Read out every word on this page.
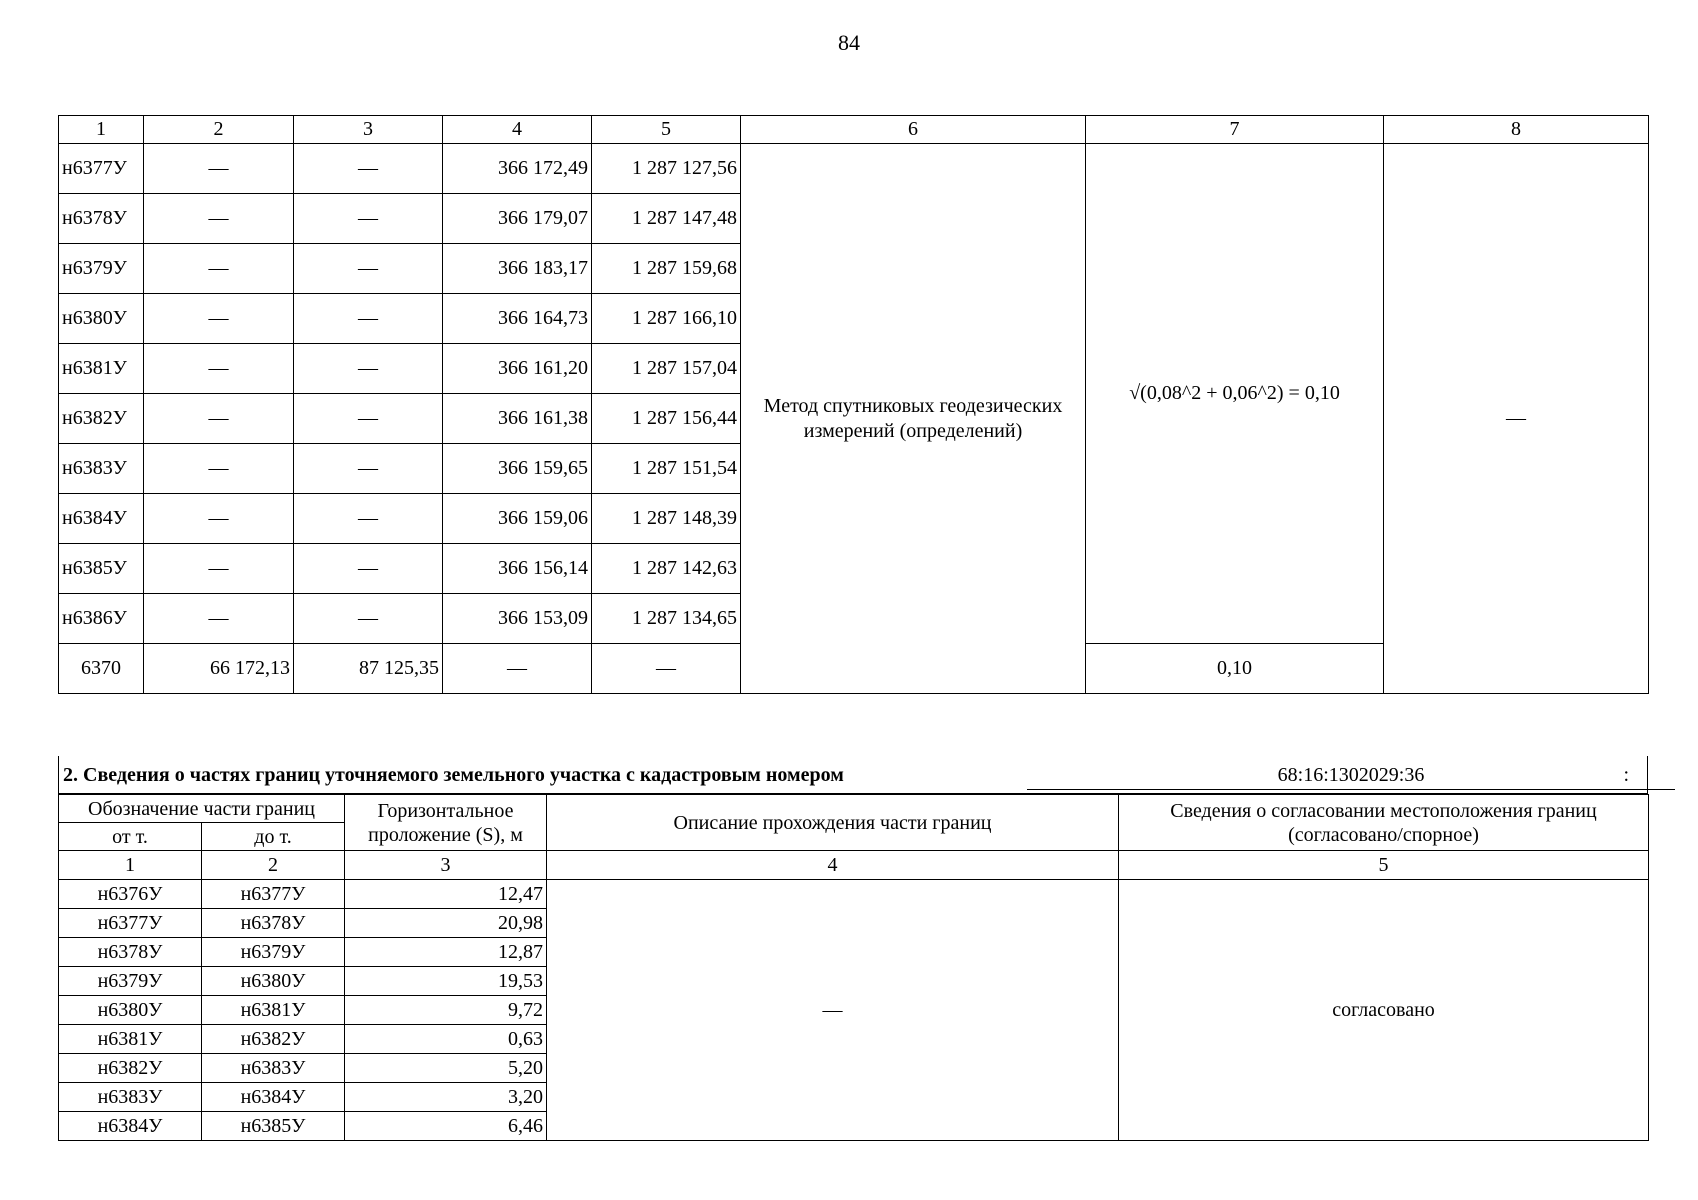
84
1	2	3	4	5	6	7	8
н6377У	—	—	366 172,49	1 287 127,56	Метод спутниковых геодезических измерений (определений)	√(0,08^2 + 0,06^2) = 0,10	—
н6378У	—	—	366 179,07	1 287 147,48			
н6379У	—	—	366 183,17	1 287 159,68			
н6380У	—	—	366 164,73	1 287 166,10			
н6381У	—	—	366 161,20	1 287 157,04			
н6382У	—	—	366 161,38	1 287 156,44			
н6383У	—	—	366 159,65	1 287 151,54			
н6384У	—	—	366 159,06	1 287 148,39			
н6385У	—	—	366 156,14	1 287 142,63			
н6386У	—	—	366 153,09	1 287 134,65			
6370	66 172,13	87 125,35	—	—		0,10	
2. Сведения о частях границ уточняемого земельного участка с кадастровым номером	68:16:1302029:36	:
Обозначение части границ		Горизонтальное проложение (S), м	Описание прохождения части границ	Сведения о согласовании местоположения границ (согласовано/спорное)
от т.	до т.			
1	2	3	4	5
н6376У	н6377У	12,47	—	согласовано
н6377У	н6378У	20,98		
н6378У	н6379У	12,87		
н6379У	н6380У	19,53		
н6380У	н6381У	9,72		
н6381У	н6382У	0,63		
н6382У	н6383У	5,20		
н6383У	н6384У	3,20		
н6384У	н6385У	6,46		
